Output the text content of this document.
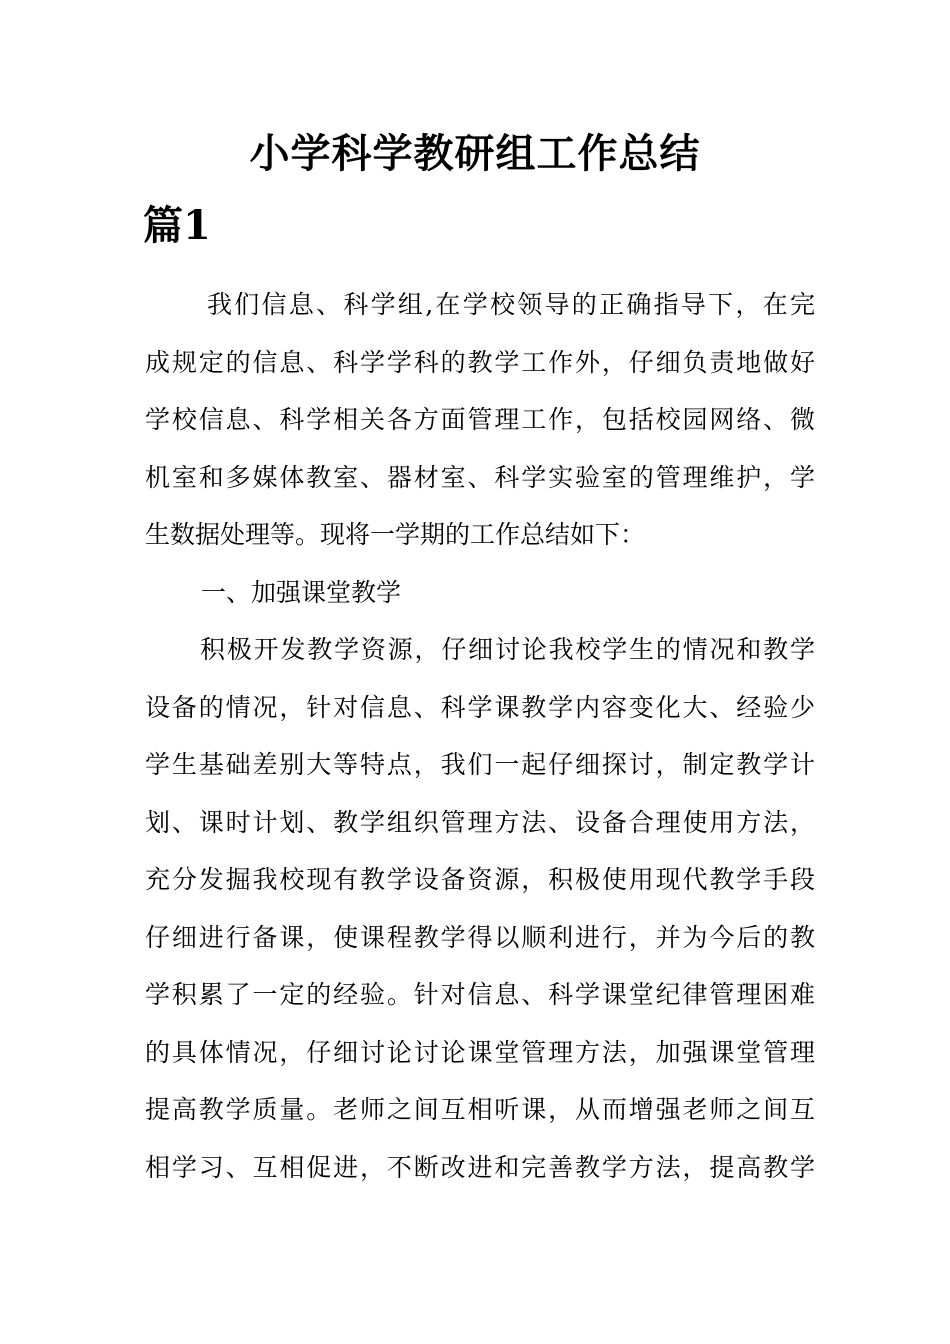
小学科学教研组工作总结
篇1
我们信息、科学组,在学校领导的正确指导下，在完
成规定的信息、科学学科的教学工作外，仔细负责地做好
学校信息、科学相关各方面管理工作，包括校园网络、微
机室和多媒体教室、器材室、科学实验室的管理维护，学
生数据处理等。现将一学期的工作总结如下：
一、加强课堂教学
积极开发教学资源，仔细讨论我校学生的情况和教学
设备的情况，针对信息、科学课教学内容变化大、经验少
学生基础差别大等特点，我们一起仔细探讨，制定教学计
划、课时计划、教学组织管理方法、设备合理使用方法，
充分发掘我校现有教学设备资源，积极使用现代教学手段
仔细进行备课，使课程教学得以顺利进行，并为今后的教
学积累了一定的经验。针对信息、科学课堂纪律管理困难
的具体情况，仔细讨论讨论课堂管理方法，加强课堂管理
提高教学质量。老师之间互相听课，从而增强老师之间互
相学习、互相促进，不断改进和完善教学方法，提高教学
